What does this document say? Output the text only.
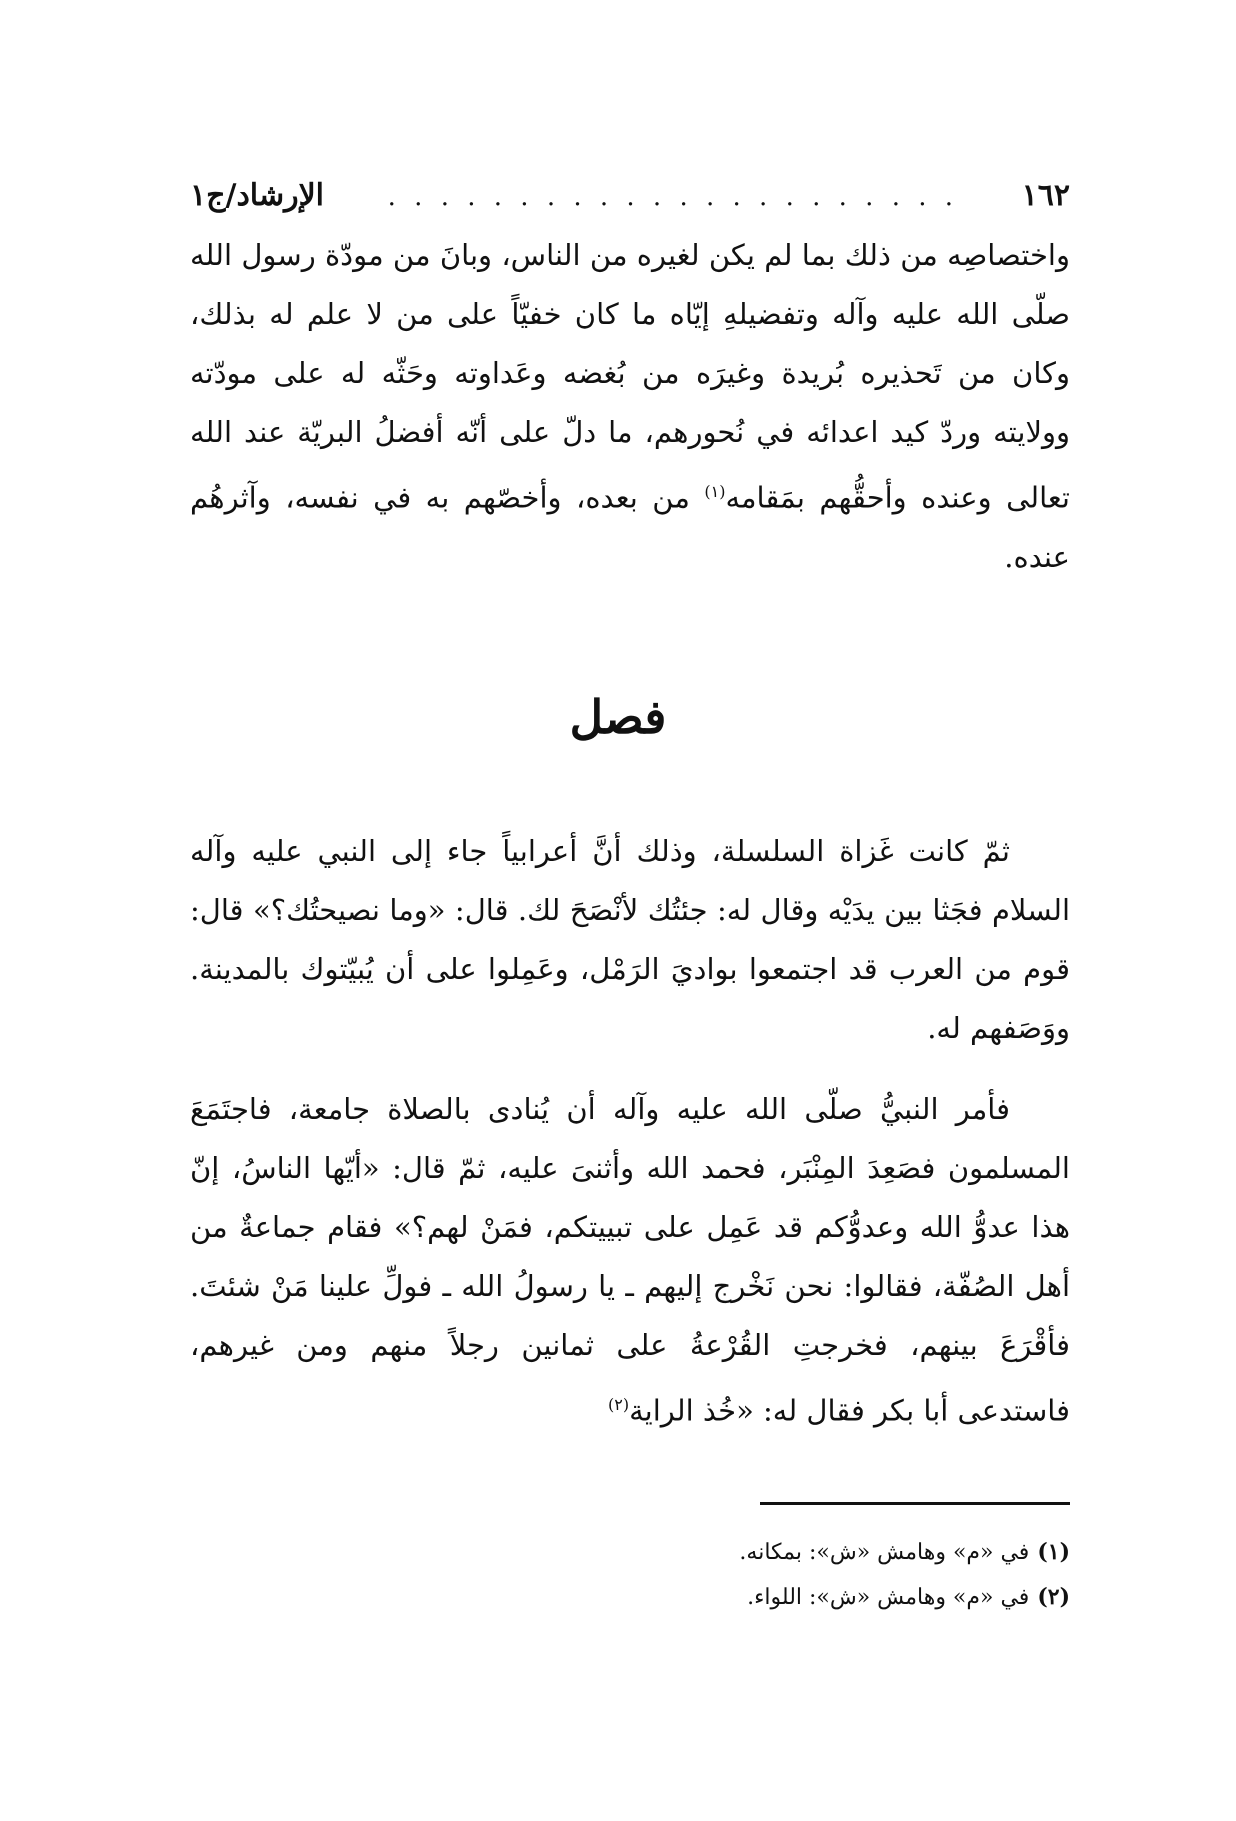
١٦٢
. . . . . . . . . . . . . . . . . . . . . .
الإرشاد/ج١

واختصاصِه من ذلك بما لم يكن لغيره من الناس، وبانَ من مودّة رسول الله صلّى الله عليه وآله وتفضيلهِ إيّاه ما كان خفيّاً على من لا علم له بذلك، وكان من تَحذيره بُريدة وغيرَه من بُغضه وعَداوته وحَثّه له على مودّته وولايته وردّ كيد اعدائه في نُحورهم، ما دلّ على أنّه أفضلُ البريّة عند الله تعالى وعنده وأحقُّهم بمَقامه$^{(١)}$ من بعده، وأخصّهم به في نفسه، وآثرهُم عنده.

فصل

ثمّ كانت غَزاة السلسلة، وذلك أنَّ أعرابياً جاء إلى النبي عليه وآله السلام فجَثا بين يدَيْه وقال له: جئتُك لأنْصَحَ لك. قال: «وما نصيحتُك؟» قال: قوم من العرب قد اجتمعوا بواديَ الرَمْل، وعَمِلوا على أن يُبيّتوك بالمدينة. ووَصَفهم له.

فأمر النبيُّ صلّى الله عليه وآله أن يُنادى بالصلاة جامعة، فاجتَمَعَ المسلمون فصَعِدَ المِنْبَر، فحمد الله وأثنىَ عليه، ثمّ قال: «أيّها الناسُ، إنّ هذا عدوُّ الله وعدوُّكم قد عَمِل على تبييتكم، فمَنْ لهم؟» فقام جماعةٌ من أهل الصُفّة، فقالوا: نحن نَخْرج إليهم ـ يا رسولُ الله ـ فولِّ علينا مَنْ شئتَ. فأقْرَعَ بينهم، فخرجتِ القُرْعةُ على ثمانين رجلاً منهم ومن غيرهم، فاستدعى أبا بكر فقال له: «خُذ الراية$^{(٢)}$

(١)في «م» وهامش «ش»: بمكانه.

(٢)في «م» وهامش «ش»: اللواء.
